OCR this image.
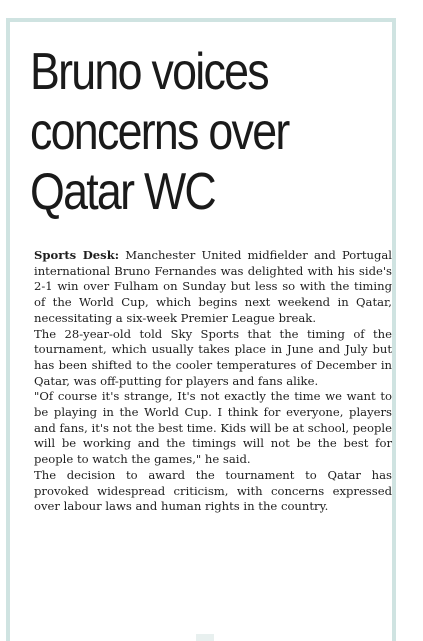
Bruno voices
concerns over
Qatar WC

Sports Desk: Manchester United midfielder and Portugal international Bruno Fernandes was delighted with his side's 2-1 win over Fulham on Sunday but less so with the timing of the World Cup, which begins next weekend in Qatar, necessitating a six-week Premier League break.

The 28-year-old told Sky Sports that the timing of the tournament, which usually takes place in June and July but has been shifted to the cooler temperatures of December in Qatar, was off-putting for players and fans alike.

"Of course it's strange, It's not exactly the time we want to be playing in the World Cup. I think for everyone, players and fans, it's not the best time. Kids will be at school, people will be working and the timings will not be the best for people to watch the games," he said.

The decision to award the tournament to Qatar has provoked widespread criticism, with concerns expressed over labour laws and human rights in the country.
